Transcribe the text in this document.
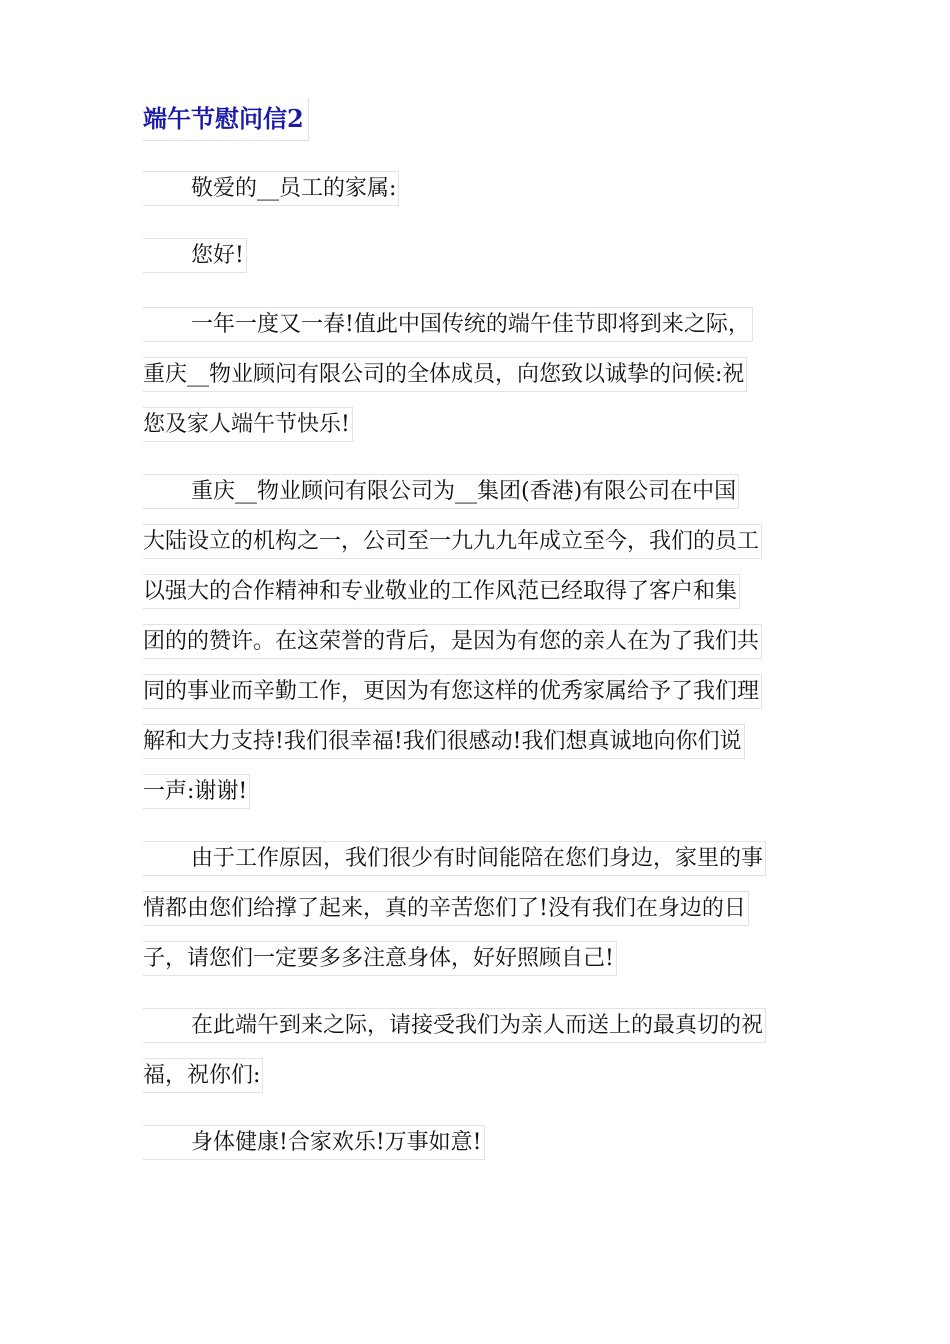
端午节慰问信2
敬爱的__员工的家属:
您好!
一年一度又一春!值此中国传统的端午佳节即将到来之际，
重庆__物业顾问有限公司的全体成员，向您致以诚挚的问候:祝
您及家人端午节快乐!
重庆__物业顾问有限公司为__集团(香港)有限公司在中国
大陆设立的机构之一，公司至一九九九年成立至今，我们的员工
以强大的合作精神和专业敬业的工作风范已经取得了客户和集
团的的赞许。在这荣誉的背后，是因为有您的亲人在为了我们共
同的事业而辛勤工作，更因为有您这样的优秀家属给予了我们理
解和大力支持!我们很幸福!我们很感动!我们想真诚地向你们说
一声:谢谢!
由于工作原因，我们很少有时间能陪在您们身边，家里的事
情都由您们给撑了起来，真的辛苦您们了!没有我们在身边的日
子，请您们一定要多多注意身体，好好照顾自己!
在此端午到来之际，请接受我们为亲人而送上的最真切的祝
福，祝你们:
身体健康!合家欢乐!万事如意!
